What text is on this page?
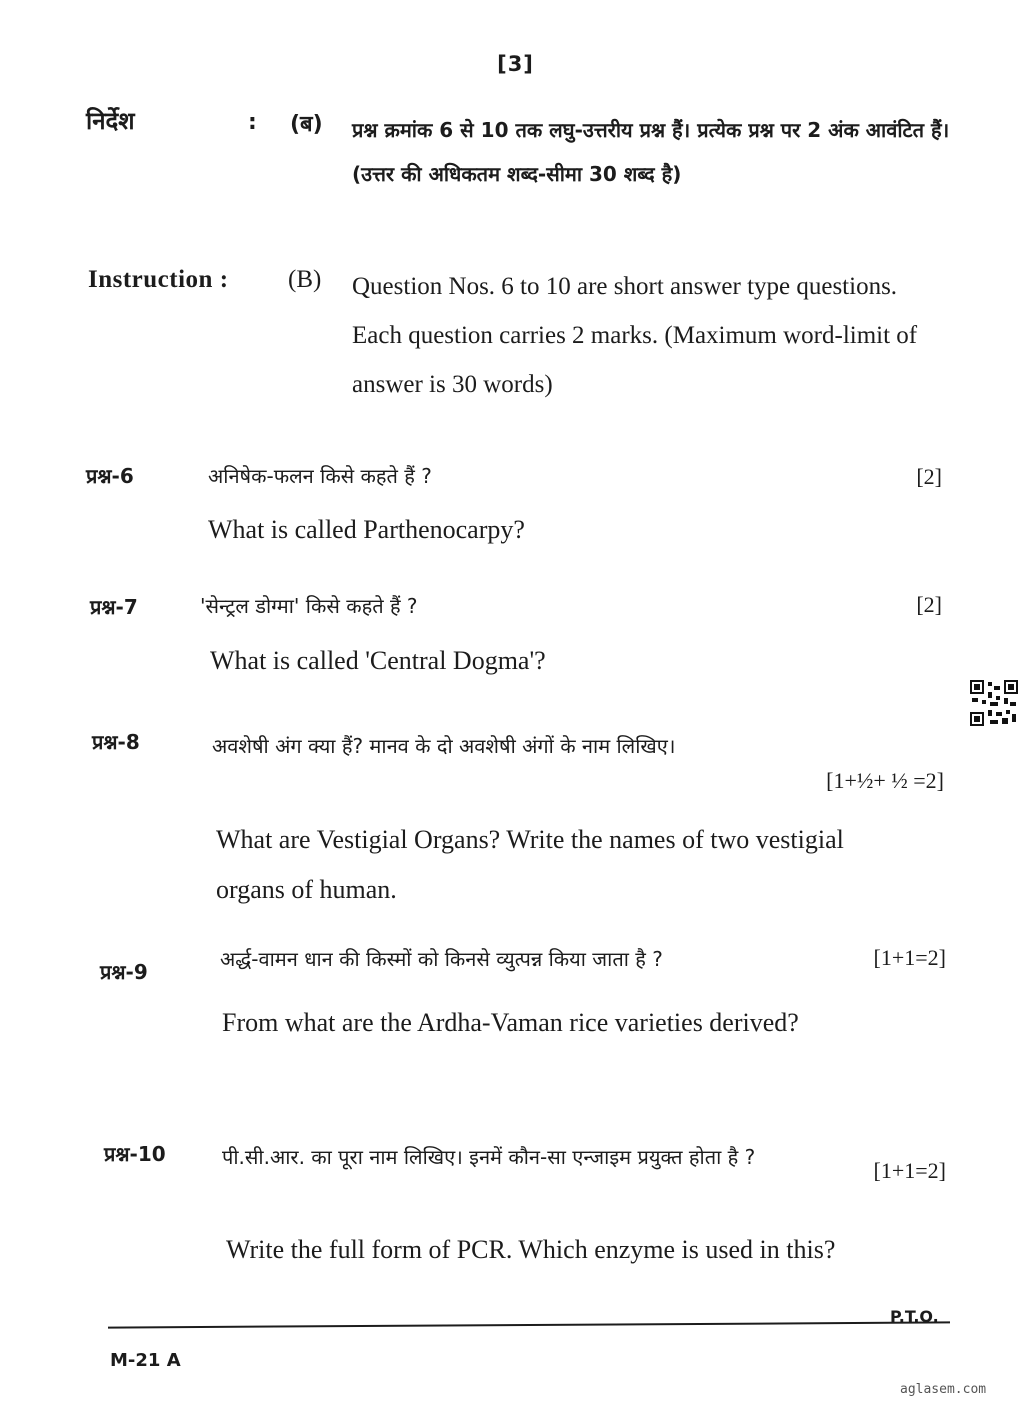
[3]
निर्देश	: (ब) प्रश्न क्रमांक 6 से 10 तक लघु-उत्तरीय प्रश्न हैं। प्रत्येक प्रश्न पर 2 अंक आवंटित हैं। (उत्तर की अधिकतम शब्द-सीमा 30 शब्द है)
Instruction : (B) Question Nos. 6 to 10 are short answer type questions. Each question carries 2 marks. (Maximum word-limit of answer is 30 words)
प्रश्न-6	अनिषेक-फलन किसे कहते हैं ?	[2]
What is called Parthenocarpy?
प्रश्न-7	'सेन्ट्रल डोग्मा' किसे कहते हैं ?	[2]
What is called 'Central Dogma'?
प्रश्न-8	अवशेषी अंग क्या हैं? मानव के दो अवशेषी अंगों के नाम लिखिए।
[1+½+ ½ =2]
What are Vestigial Organs? Write the names of two vestigial organs of human.
प्रश्न-9
अर्द्ध-वामन धान की किस्मों को किनसे व्युत्पन्न किया जाता है ?	[1+1=2]
From what are the Ardha-Vaman rice varieties derived?
प्रश्न-10	पी.सी.आर. का पूरा नाम लिखिए। इनमें कौन-सा एन्जाइम प्रयुक्त होता है ?
[1+1=2]
Write the full form of PCR. Which enzyme is used in this?
P.T.O.
M-21 A
aglasem.com
